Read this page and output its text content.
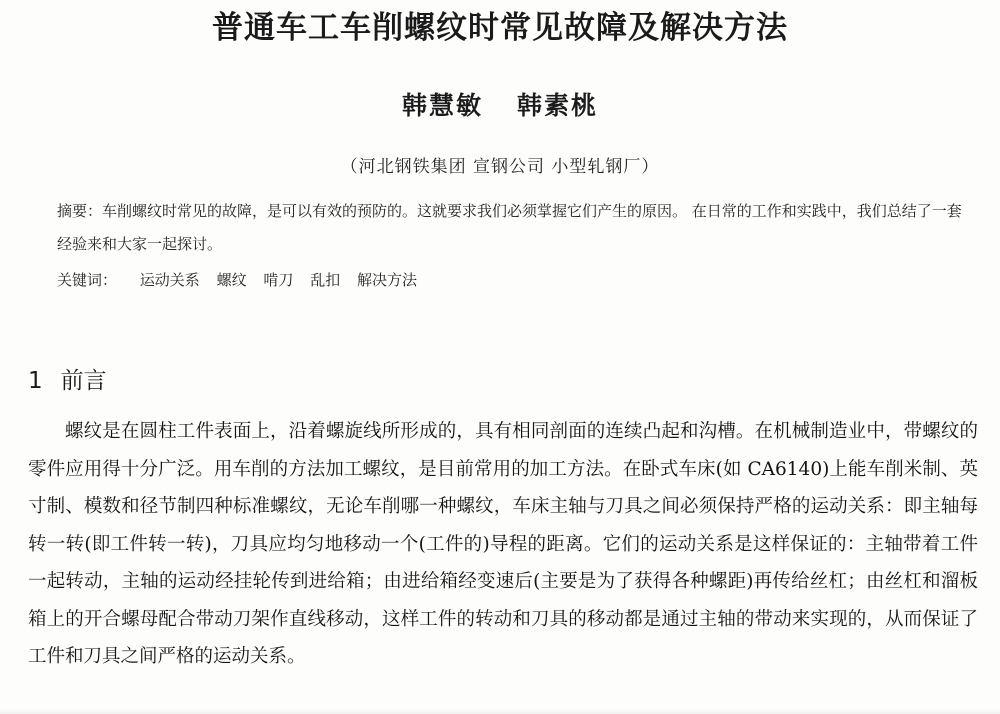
普通车工车削螺纹时常见故障及解决方法
韩慧敏 韩素桃
（河北钢铁集团 宣钢公司 小型轧钢厂）
摘要：车削螺纹时常见的故障，是可以有效的预防的。这就要求我们必须掌握它们产生的原因。 在日常的工作和实践中，我们总结了一套经验来和大家一起探讨。
关键词： 运动关系 螺纹 啃刀 乱扣 解决方法
1 前言
螺纹是在圆柱工件表面上，沿着螺旋线所形成的，具有相同剖面的连续凸起和沟槽。在机械制造业中，带螺纹的零件应用得十分广泛。用车削的方法加工螺纹，是目前常用的加工方法。在卧式车床(如 CA6140)上能车削米制、英寸制、模数和径节制四种标准螺纹，无论车削哪一种螺纹，车床主轴与刀具之间必须保持严格的运动关系：即主轴每转一转(即工件转一转)，刀具应均匀地移动一个(工件的)导程的距离。它们的运动关系是这样保证的：主轴带着工件一起转动，主轴的运动经挂轮传到进给箱；由进给箱经变速后(主要是为了获得各种螺距)再传给丝杠；由丝杠和溜板箱上的开合螺母配合带动刀架作直线移动，这样工件的转动和刀具的移动都是通过主轴的带动来实现的，从而保证了工件和刀具之间严格的运动关系。
